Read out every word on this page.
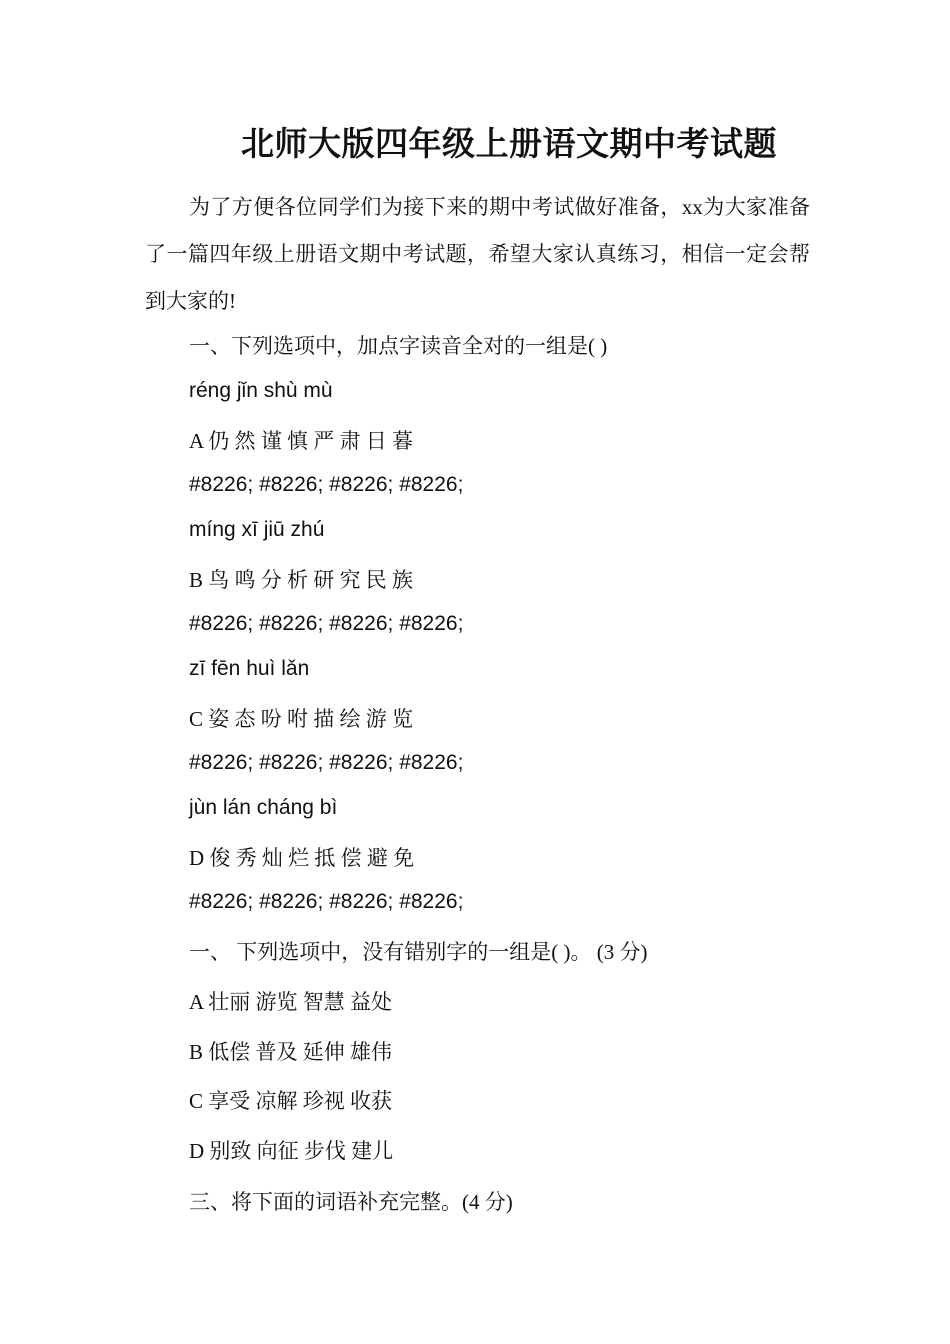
北师大版四年级上册语文期中考试题

为了方便各位同学们为接下来的期中考试做好准备，xx为大家准备了一篇四年级上册语文期中考试题，希望大家认真练习，相信一定会帮到大家的!

一、下列选项中，加点字读音全对的一组是( )
réng jǐn shù mù
A 仍 然 谨 慎 严 肃 日 暮
#8226; #8226; #8226; #8226;
míng xī jiū zhú
B 鸟 鸣 分 析 研 究 民 族
#8226; #8226; #8226; #8226;
zī fēn huì lǎn
C 姿 态 吩 咐 描 绘 游 览
#8226; #8226; #8226; #8226;
jùn lán cháng bì
D 俊 秀 灿 烂 抵 偿 避 免
#8226; #8226; #8226; #8226;
一、 下列选项中，没有错别字的一组是( )。 (3 分)
A 壮丽 游览 智慧 益处
B 低偿 普及 延伸 雄伟
C 享受 凉解 珍视 收获
D 别致 向征 步伐 建儿
三、将下面的词语补充完整。(4 分)
